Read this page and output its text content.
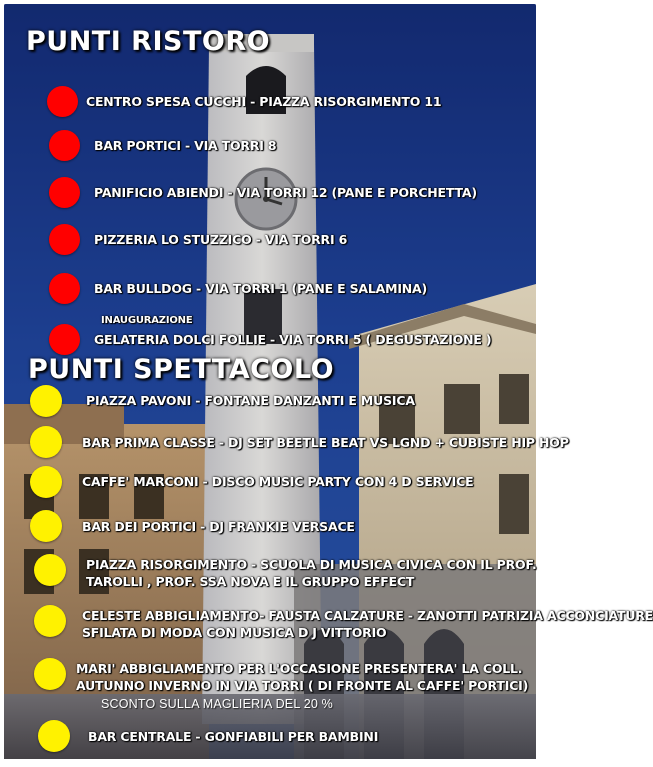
PUNTI RISTORO
CENTRO SPESA CUCCHI - PIAZZA RISORGIMENTO 11
BAR PORTICI - VIA TORRI 8
PANIFICIO ABIENDI - VIA TORRI 12 (PANE E PORCHETTA)
PIZZERIA LO STUZZICO - VIA TORRI 6
BAR BULLDOG - VIA TORRI 1 (PANE E SALAMINA)
INAUGURAZIONE
GELATERIA DOLCI FOLLIE - VIA TORRI 5 ( DEGUSTAZIONE )
PUNTI SPETTACOLO
PIAZZA PAVONI - FONTANE DANZANTI E MUSICA
BAR PRIMA CLASSE - DJ SET BEETLE BEAT VS LGND + CUBISTE HIP HOP
CAFFE' MARCONI - DISCO MUSIC PARTY CON 4 D SERVICE
BAR DEI PORTICI - DJ FRANKIE VERSACE
PIAZZA RISORGIMENTO - SCUOLA DI MUSICA CIVICA CON IL PROF.
TAROLLI , PROF. SSA NOVA E IL GRUPPO EFFECT
CELESTE ABBIGLIAMENTO- FAUSTA CALZATURE - ZANOTTI PATRIZIA ACCONCIATURE
SFILATA DI MODA CON MUSICA D J VITTORIO
MARI' ABBIGLIAMENTO PER L'OCCASIONE PRESENTERA' LA COLL.
AUTUNNO INVERNO IN VIA TORRI ( DI FRONTE AL CAFFE' PORTICI)
SCONTO SULLA MAGLIERIA DEL 20 %
BAR CENTRALE - GONFIABILI PER BAMBINI
